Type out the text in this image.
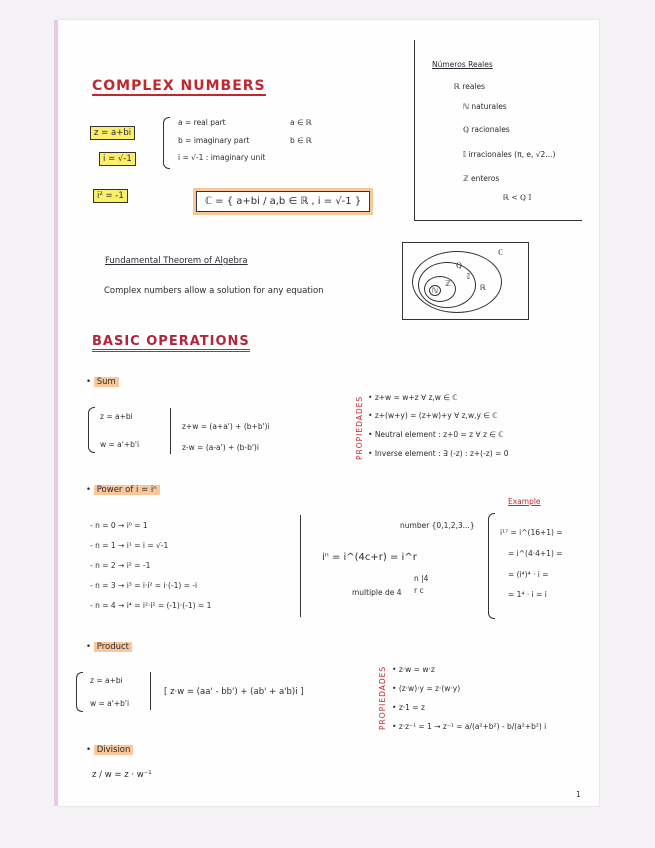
COMPLEX NUMBERS
z = a+bi
i = √-1
i² = -1
a = real part	a ∈ ℝ
b = imaginary part	b ∈ ℝ
i = √-1 : imaginary unit
ℂ = { a+bi / a,b ∈ ℝ , i = √-1 }
Números Reales
ℝ reales
ℕ naturales
ℚ racionales
𝕀 irracionales (π, e, √2...)
ℤ enteros
ℝ < ℚ 𝕀
ℂ
ℝ
ℚ
𝕀
ℤ
ℕ
Fundamental Theorem of Algebra
Complex numbers allow a solution for any equation
BASIC OPERATIONS
• Sum
z = a+bi
w = a'+b'i
z+w = (a+a') + (b+b')i
z-w = (a-a') + (b-b')i	PROPIEDADES • z+w = w+z ∀ z,w ∈ ℂ
• z+(w+y) = (z+w)+y ∀ z,w,y ∈ ℂ
• Neutral element : z+0 = z ∀ z ∈ ℂ
• Inverse element : ∃ (-z) : z+(-z) = 0
• Power of i = iⁿ
- n = 0 → i⁰ = 1
- n = 1 → i¹ = i = √-1
- n = 2 → i² = -1
- n = 3 → i³ = i·i² = i·(-1) = -i
- n = 4 → i⁴ = i²·i² = (-1)·(-1) = 1
number {0,1,2,3...}
iⁿ = i^(4c+r) = i^r
multiple de 4
n |4
r c
Example
i¹⁷ = i^(16+1) =
= i^(4·4+1) =
= (i⁴)⁴ · i =
= 1⁴ · i = i
• Product
z = a+bi
w = a'+b'i
[ z·w = (aa' - bb') + (ab' + a'b)i ]	PROPIEDADES • z·w = w·z
• (z·w)·y = z·(w·y)
• z·1 = z
• z·z⁻¹ = 1 → z⁻¹ = a/(a²+b²) - b/(a²+b²) i
• Division
z / w = z · w⁻¹
1
